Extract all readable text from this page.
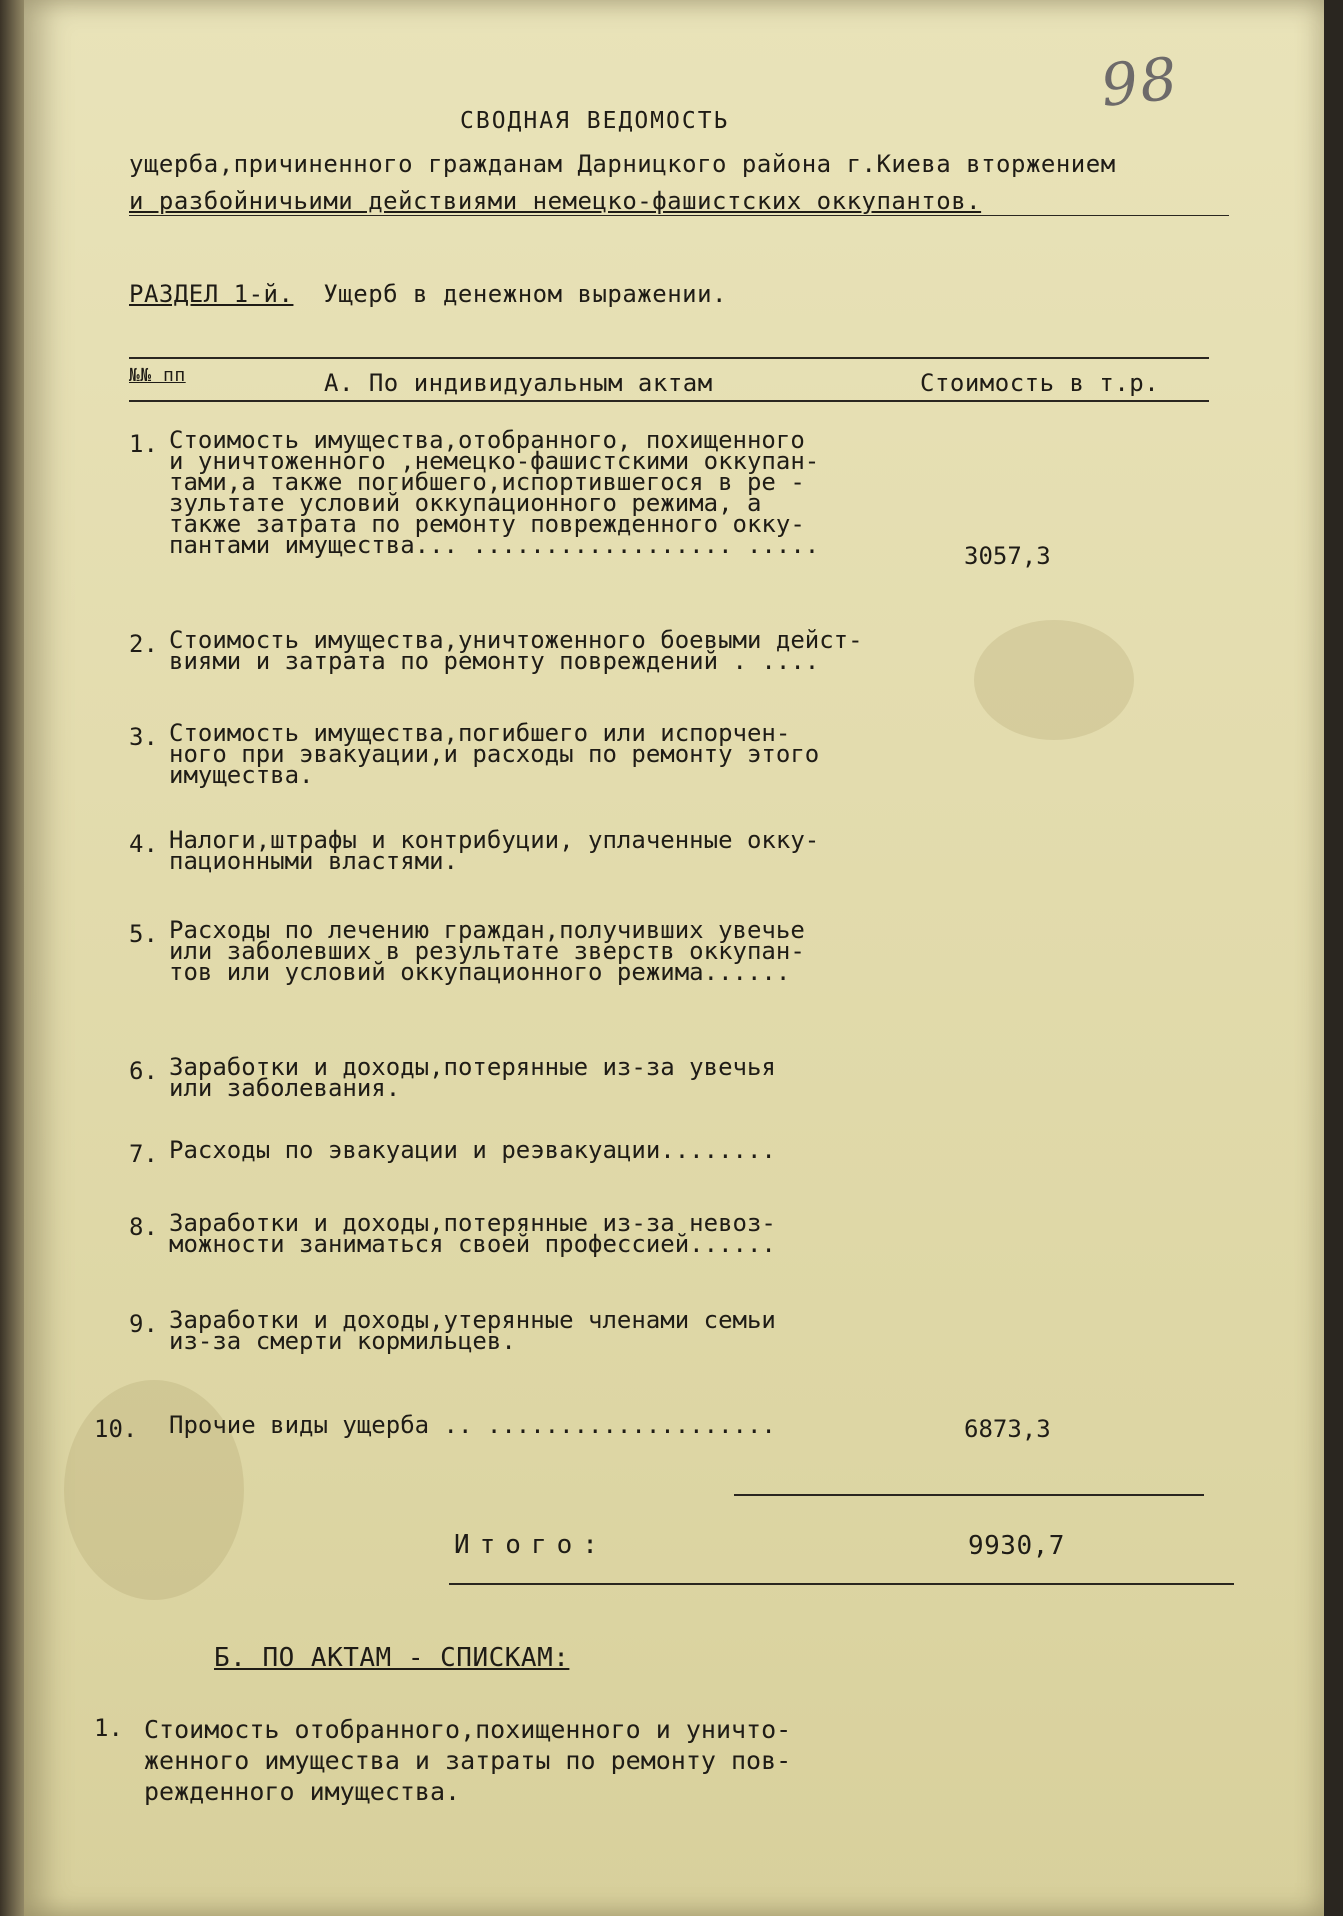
98
СВОДНАЯ ВЕДОМОСТЬ
ущерба,причиненного гражданам Дарницкого района г.Киева вторжением
и разбойничьими действиями немецко-фашистских оккупантов.
РАЗДЕЛ 1-й. Ущерб в денежном выражении.
№№ пп	А. По индивидуальным актам	Стоимость в т.р.
1. Стоимость имущества,отобранного, похищенного
и уничтоженного ,немецко-фашистскими оккупан-
тами,а также погибшего,испортившегося в ре -
зультате условий оккупационного режима, а
также затрата по ремонту поврежденного окку-
пантами имущества... .................. .....	3057,3
2. Стоимость имущества,уничтоженного боевыми дейст-
виями и затрата по ремонту повреждений . ....
3. Стоимость имущества,погибшего или испорчен-
ного при эвакуации,и расходы по ремонту этого
имущества.
4. Налоги,штрафы и контрибуции, уплаченные окку-
пационными властями.
5. Расходы по лечению граждан,получивших увечье
или заболевших в результате зверств оккупан-
тов или условий оккупационного режима......
6. Заработки и доходы,потерянные из-за увечья
или заболевания.
7. Расходы по эвакуации и реэвакуации........
8. Заработки и доходы,потерянные из-за невоз-
можности заниматься своей профессией......
9. Заработки и доходы,утерянные членами семьи
из-за смерти кормильцев.
10. Прочие виды ущерба .. ....................	6873,3
Итого:	9930,7
Б. ПО АКТАМ - СПИСКАМ:
1. Стоимость отобранного,похищенного и уничто-
женного имущества и затраты по ремонту пов-
режденного имущества.
